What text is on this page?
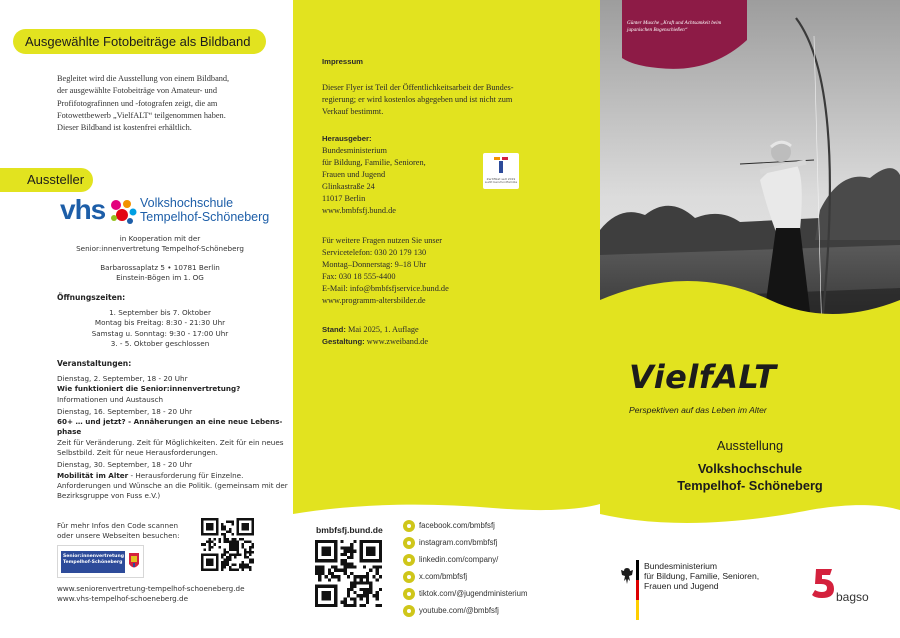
Ausgewählte Fotobeiträge als Bildband
Begleitet wird die Ausstellung von einem Bildband,
der ausgewählte Fotobeiträge von Amateur- und
Profifotografinnen und -fotografen zeigt, die am
Fotowettbewerb „VielfALT“ teilgenommen haben.
Dieser Bildband ist kostenfrei erhältlich.
Aussteller
vhs	Volkshochschule
Tempelhof-Schöneberg
in Kooperation mit der
Senior:innenvertretung Tempelhof-Schöneberg
Barbarossaplatz 5 • 10781 Berlin
Einstein-Bögen im 1. OG
Öffnungszeiten:
1. September bis 7. Oktober
Montag bis Freitag: 8:30 - 21:30 Uhr
Samstag u. Sonntag: 9:30 - 17:00 Uhr
3. - 5. Oktober geschlossen
Veranstaltungen:
Dienstag, 2. September, 18 - 20 Uhr
Wie funktioniert die Senior:innenvertretung?
Informationen und Austausch
Dienstag, 16. September, 18 - 20 Uhr
60+ … und jetzt? - Annäherungen an eine neue Lebens-phase
Zeit für Veränderung. Zeit für Möglichkeiten. Zeit für ein neues Selbstbild. Zeit für neue Herausforderungen.
Dienstag, 30. September, 18 - 20 Uhr
Mobilität im Alter - Herausforderung für Einzelne. Anforderungen und Wünsche an die Politik. (gemeinsam mit der Bezirksgruppe von Fuss e.V.)
Für mehr Infos den Code scannen oder unsere Webseiten besuchen:
Senior:innenvertretung
Tempelhof-Schöneberg
www.seniorenvertretung-tempelhof-schoeneberg.de
www.vhs-tempelhof-schoeneberg.de
Impressum
Dieser Flyer ist Teil der Öffentlichkeitsarbeit der Bundes-
regierung; er wird kostenlos abgegeben und ist nicht zum
Verkauf bestimmt.
Herausgeber:
Bundesministerium
für Bildung, Familie, Senioren,
Frauen und Jugend
Glinkastraße 24
11017 Berlin
www.bmbfsfj.bund.de
Zertifikat seit 2019
audit berufundfamilie
Für weitere Fragen nutzen Sie unser
Servicetelefon: 030 20 179 130
Montag–Donnerstag: 9–18 Uhr
Fax: 030 18 555-4400
E-Mail: info@bmbfsfjservice.bund.de
www.programm-altersbilder.de
Stand: Mai 2025, 1. Auflage
Gestaltung: www.zweiband.de
bmbfsfj.bund.de	facebook.com/bmbfsfj
instagram.com/bmbfsfj
linkedin.com/company/
x.com/bmbfsfj
tiktok.com/@jugendministerium
youtube.com/@bmbfsfj
Günter Musche „Kraft und Achtsamkeit beim japanischen Bogenschießen“
VielfALT
Perspektiven auf das Leben im Alter
Ausstellung
Volkshochschule
Tempelhof- Schöneberg
Bundesministerium
für Bildung, Familie, Senioren,
Frauen und Jugend
bagso
